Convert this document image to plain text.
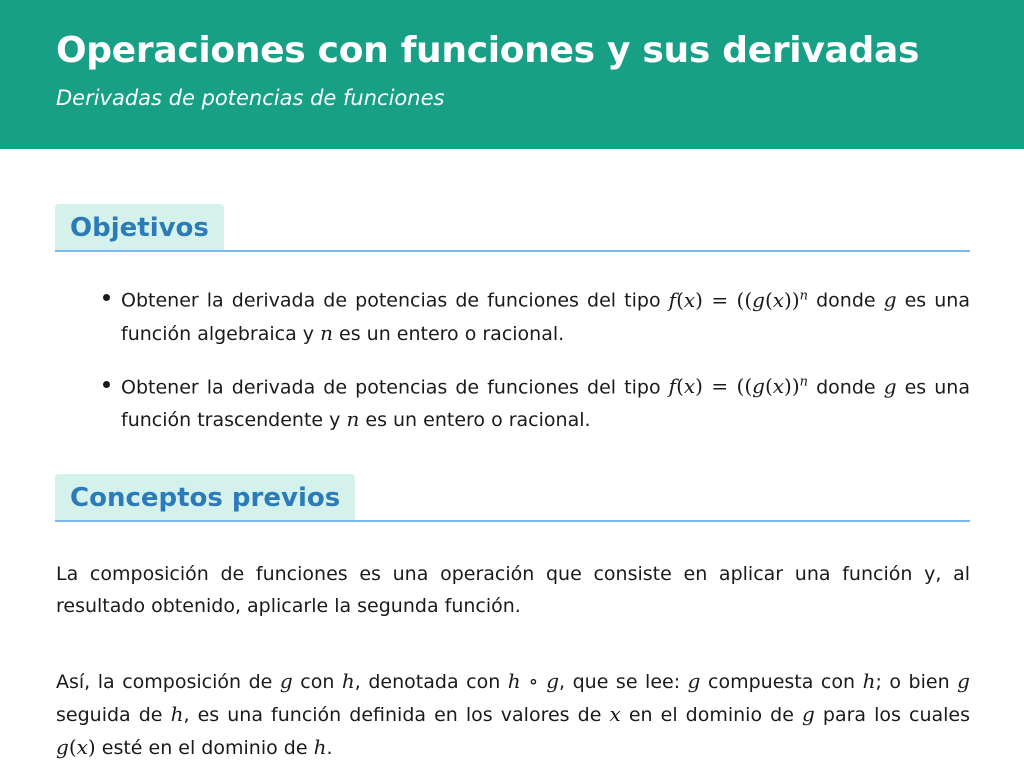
Operaciones con funciones y sus derivadas
Derivadas de potencias de funciones
Objetivos
Obtener la derivada de potencias de funciones del tipo $f(x) = ((g(x))^n$ donde g es una función algebraica y n es un entero o racional.
Obtener la derivada de potencias de funciones del tipo $f(x) = ((g(x))^n$ donde g es una función trascendente y n es un entero o racional.
Conceptos previos

La composición de funciones es una operación que consiste en aplicar una función y, al resultado obtenido, aplicarle la segunda función.

Así, la composición de g con h, denotada con h ∘ g, que se lee: g compuesta con h; o bien g seguida de h, es una función definida en los valores de x en el dominio de g para los cuales g(x) esté en el dominio de h.
